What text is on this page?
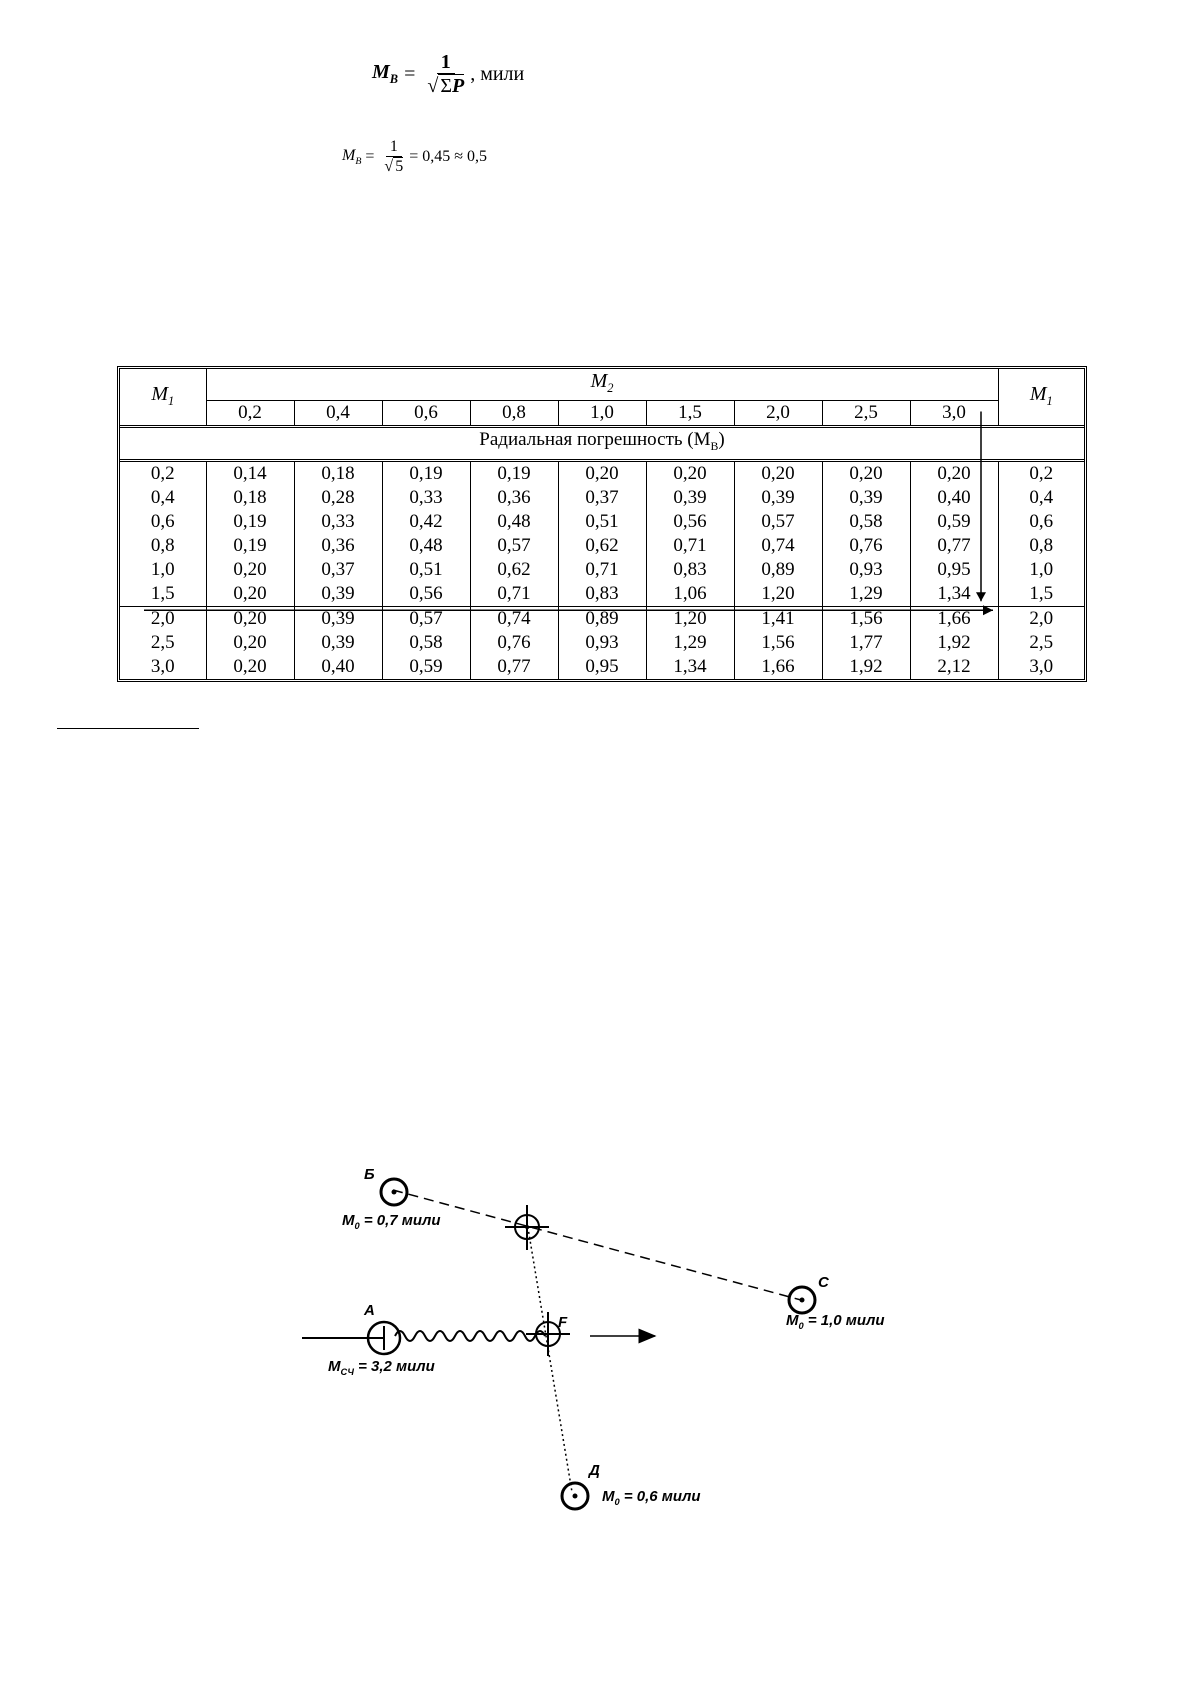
$M_B = \frac{1}{√ \Sigma P}$ , мили
$M_B = \frac{1}{√ 5} = 0,45 \approx 0,5$
$M_1$	$M_2$									$M_1$
	0,2	0,4	0,6	0,8	1,0	1,5	2,0	2,5	3,0	
Радиальная погрешность $(М_В)$										
0,2	0,14	0,18	0,19	0,19	0,20	0,20	0,20	0,20	0,20	0,2
0,4	0,18	0,28	0,33	0,36	0,37	0,39	0,39	0,39	0,40	0,4
0,6	0,19	0,33	0,42	0,48	0,51	0,56	0,57	0,58	0,59	0,6
0,8	0,19	0,36	0,48	0,57	0,62	0,71	0,74	0,76	0,77	0,8
1,0	0,20	0,37	0,51	0,62	0,71	0,83	0,89	0,93	0,95	1,0
1,5	0,20	0,39	0,56	0,71	0,83	1,06	1,20	1,29	1,34	1,5
2,0	0,20	0,39	0,57	0,74	0,89	1,20	1,41	1,56	1,66	2,0
2,5	0,20	0,39	0,58	0,76	0,93	1,29	1,56	1,77	1,92	2,5
3,0	0,20	0,40	0,59	0,77	0,95	1,34	1,66	1,92	2,12	3,0
Б
$M_0 = 0,7$ мили
C
$M_0 = 1,0$ мили
A
$M_{СЧ} = 3,2$ мили
F
Д
$M_0 = 0,6$ мили
